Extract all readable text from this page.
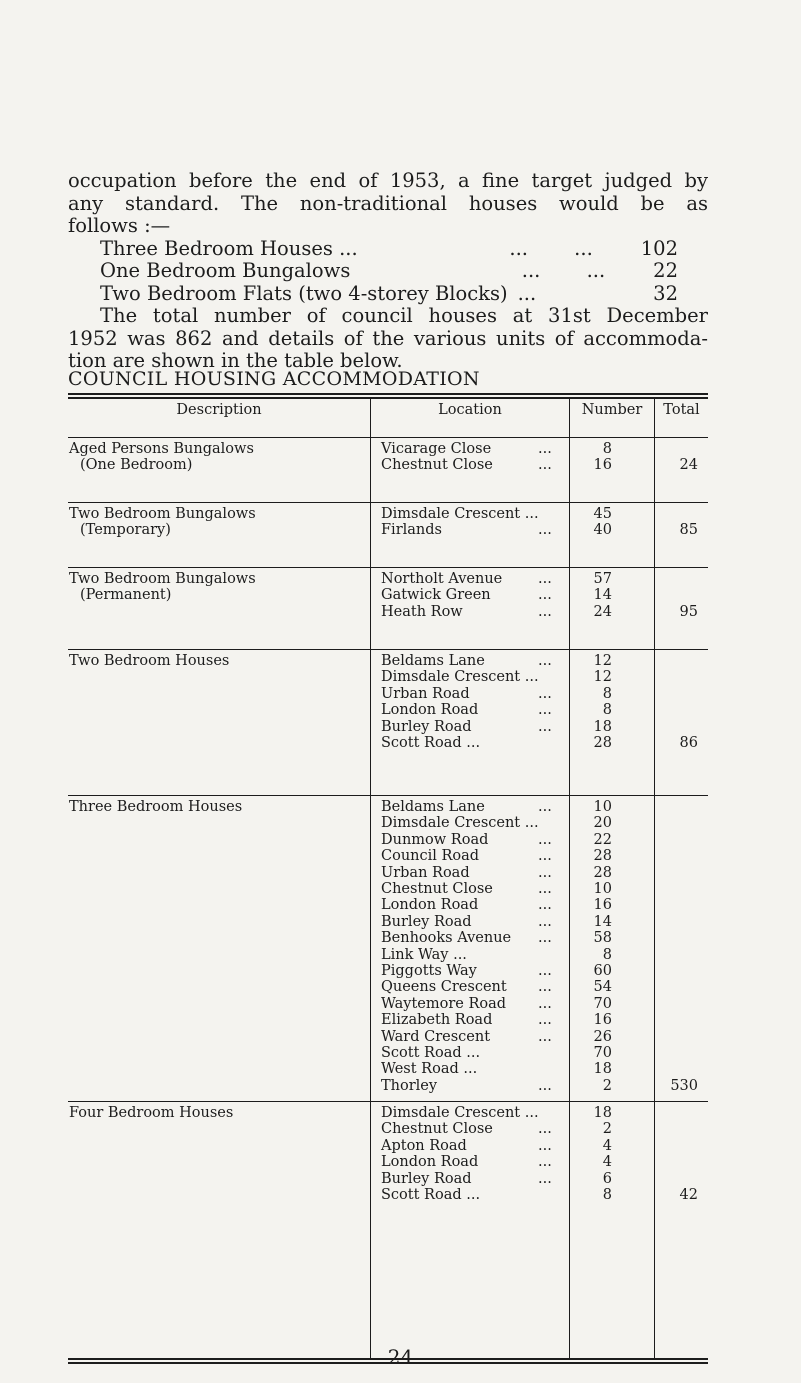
occupation before the end of 1953, a fine target judged by

any standard. The non-traditional houses would be as

follows :—

Three Bedroom Houses ...	... ... 102
One Bedroom Bungalows	... ... 22
Two Bedroom Flats (two 4-storey Blocks) ...	32

The total number of council houses at 31st December

1952 was 862 and details of the various units of accommoda-

tion are shown in the table below.

COUNCIL HOUSING ACCOMMODATION
Description	Location	Number	Total
Aged Persons Bungalows
(One Bedroom)
Vicarage Close	...	8
Chestnut Close	...	16	24
Two Bedroom Bungalows
(Temporary)
Dimsdale Crescent ...	45
Firlands	...	40	85
Two Bedroom Bungalows
(Permanent)
Northolt Avenue	...	57
Gatwick Green	...	14
Heath Row	...	24	95
Two Bedroom Houses	Beldams Lane	...	12
Dimsdale Crescent ...	12
Urban Road	...	8
London Road	...	8
Burley Road	...	18
Scott Road ...	28	86
Three Bedroom Houses	Beldams Lane	...	10
Dimsdale Crescent ...	20
Dunmow Road	...	22
Council Road	...	28
Urban Road	...	28
Chestnut Close	...	10
London Road	...	16
Burley Road	...	14
Benhooks Avenue	...	58
Link Way ...	8
Piggotts Way	...	60
Queens Crescent	...	54
Waytemore Road	...	70
Elizabeth Road	...	16
Ward Crescent	...	26
Scott Road ...	70
West Road ...	18
Thorley	...	2	530
Four Bedroom Houses	Dimsdale Crescent ...	18
Chestnut Close	...	2
Apton Road	...	4
London Road	...	4
Burley Road	...	6
Scott Road ...	8	42
24
